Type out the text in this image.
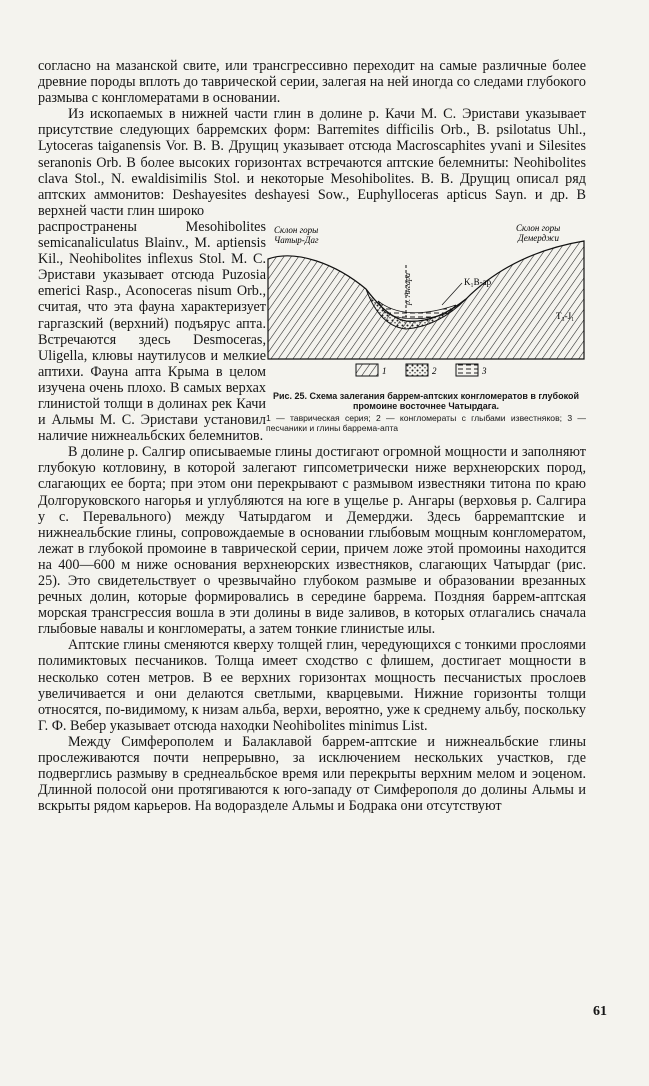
согласно на мазанской свите, или трансгрессивно переходит на самые различные более древние породы вплоть до таврической серии, залегая на ней иногда со следами глубокого размыва с конгломератами в основании.

Из ископаемых в нижней части глин в долине р. Качи М. С. Эристави указывает присутствие следующих барремских форм: Barremites difficilis Orb., B. psilotatus Uhl., Lytoceras taiganensis Vor. В. В. Друщиц указывает отсюда Macroscaphites yvani и Silesites seranonis Orb. В более высоких горизонтах встречаются аптские белемниты: Neohibolites clava Stol., N. ewaldisimilis Stol. и некоторые Mesohibolites. В. В. Друщиц описал ряд аптских аммонитов: Deshayesites deshayesi Sow., Euphylloceras apticus Sayn. и др. В верхней части глин широко

Склон горы
Чатыр-Даг
Склон горы
Демерджи
р. Ангара	K₁B-ap
T₃-J₁
1	2	3
Рис. 25. Схема залегания баррем-аптских конгломератов в глубокой промоине восточнее Чатырдага.
1 — таврическая серия; 2 — конгломераты с глыбами известняков; 3 — песчаники и глины баррема-апта

распространены Mesohibolites semicanaliculatus Blainv., M. aptiensis Kil., Neohibolites inflexus Stol. М. С. Эристави указывает отсюда Puzosia emerici Rasp., Aconoceras nisum Orb., считая, что эта фауна характеризует гаргазский (верхний) подъярус апта. Встречаются здесь Desmoceras, Uligella, клювы наутилусов и мелкие аптихи. Фауна апта Крыма в целом изучена очень плохо. В самых верхах глинистой толщи в долинах рек Качи и Альмы М. С. Эристави установил наличие нижнеальбских белемнитов.

В долине р. Салгир описываемые глины достигают огромной мощности и заполняют глубокую котловину, в которой залегают гипсометрически ниже верхнеюрских пород, слагающих ее борта; при этом они перекрывают с размывом известняки титона по краю Долгоруковского нагорья и углубляются на юге в ущелье р. Ангары (верховья р. Салгира у с. Перевального) между Чатырдагом и Демерджи. Здесь барремаптские и нижнеальбские глины, сопровождаемые в основании глыбовым мощным конгломератом, лежат в глубокой промоине в таврической серии, причем ложе этой промоины находится на 400—600 м ниже основания верхнеюрских известняков, слагающих Чатырдаг (рис. 25). Это свидетельствует о чрезвычайно глубоком размыве и образовании врезанных речных долин, которые формировались в середине баррема. Поздняя баррем-аптская морская трансгрессия вошла в эти долины в виде заливов, в которых отлагались сначала глыбовые навалы и конгломераты, а затем тонкие глинистые илы.

Аптские глины сменяются кверху толщей глин, чередующихся с тонкими прослоями полимиктовых песчаников. Толща имеет сходство с флишем, достигает мощности в несколько сотен метров. В ее верхних горизонтах мощность песчанистых прослоев увеличивается и они делаются светлыми, кварцевыми. Нижние горизонты толщи относятся, по-видимому, к низам альба, верхи, вероятно, уже к среднему альбу, поскольку Г. Ф. Вебер указывает отсюда находки Neohibolites minimus List.

Между Симферополем и Балаклавой баррем-аптские и нижнеальбские глины прослеживаются почти непрерывно, за исключением нескольких участков, где подверглись размыву в среднеальбское время или перекрыты верхним мелом и эоценом. Длинной полосой они протягиваются к юго-западу от Симферополя до долины Альмы и вскрыты рядом карьеров. На водоразделе Альмы и Бодрака они отсутствуют

61
